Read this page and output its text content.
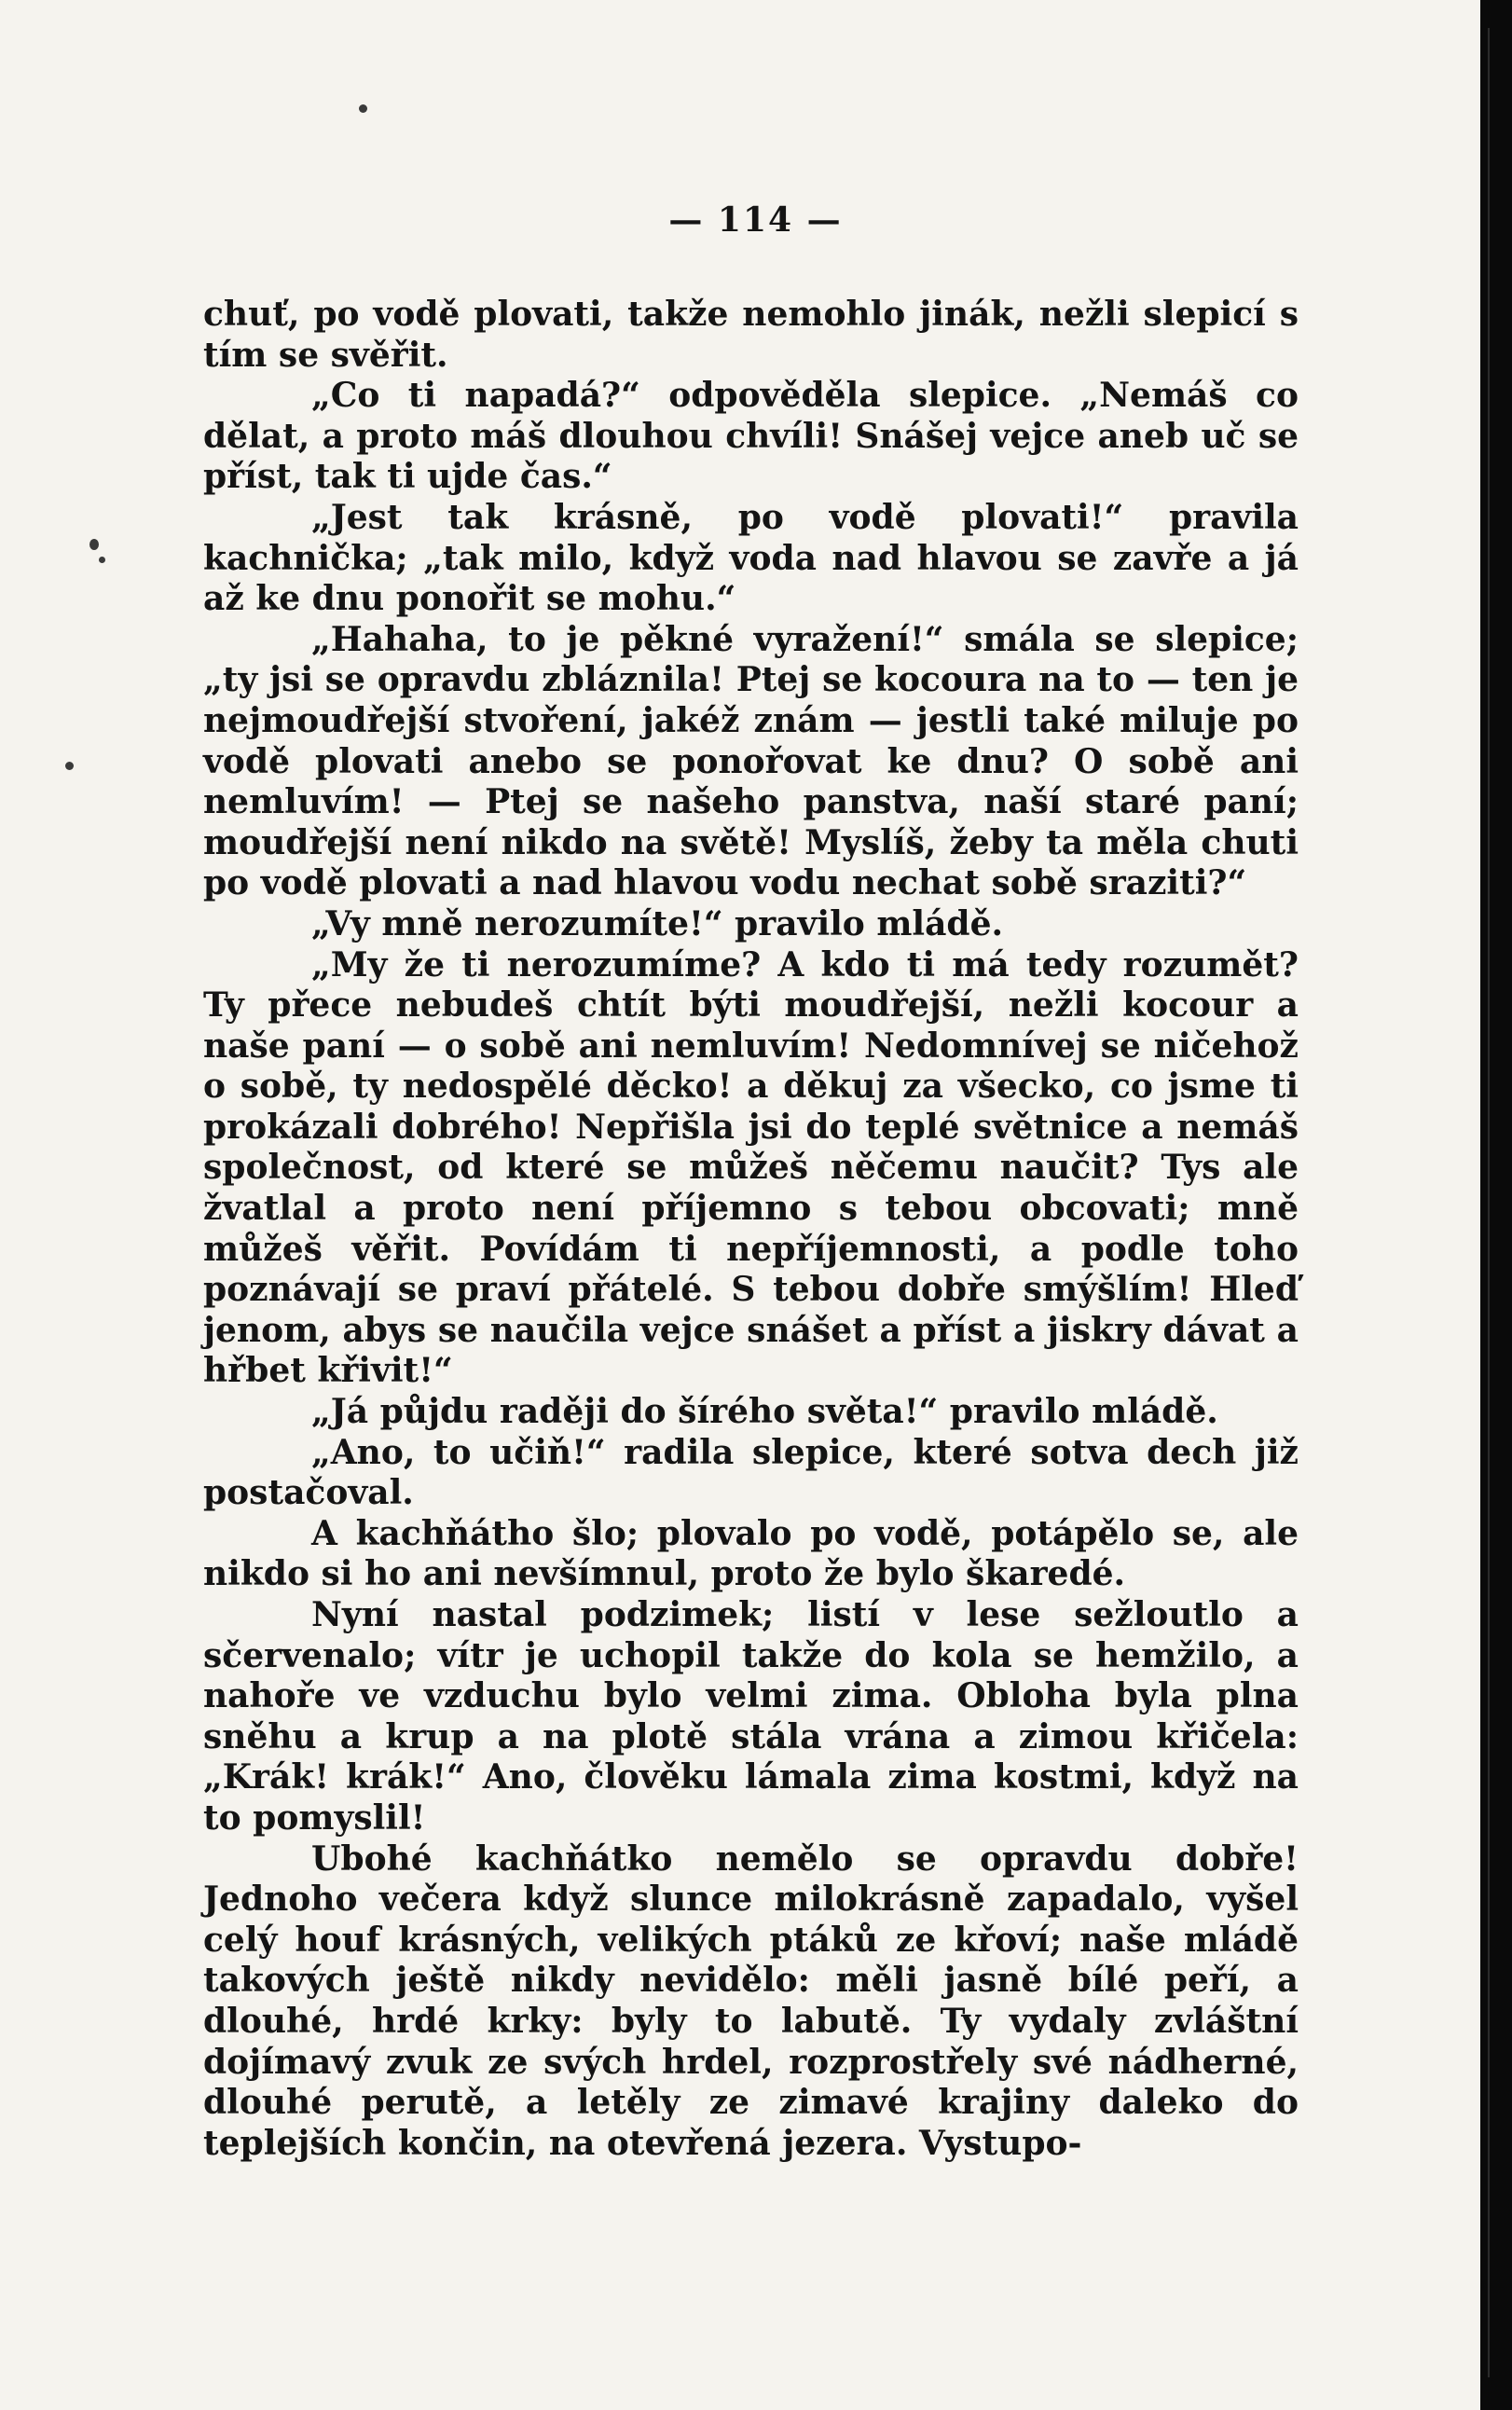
— 114 —

chuť, po vodě plovati, takže nemohlo jinák, nežli slepicí s tím se svěřit.

„Co ti napadá?“ odpověděla slepice. „Nemáš co dělat, a proto máš dlouhou chvíli! Snášej vejce aneb uč se příst, tak ti ujde čas.“

„Jest tak krásně, po vodě plovati!“ pravila kachnička; „tak milo, když voda nad hlavou se zavře a já až ke dnu ponořit se mohu.“

„Hahaha, to je pěkné vyražení!“ smála se slepice; „ty jsi se opravdu zbláznila! Ptej se kocoura na to — ten je nejmoudřejší stvoření, jakéž znám — jestli také miluje po vodě plovati anebo se ponořovat ke dnu? O sobě ani nemluvím! — Ptej se našeho panstva, naší staré paní; moudřejší není nikdo na světě! Myslíš, žeby ta měla chuti po vodě plovati a nad hlavou vodu nechat sobě sraziti?“

„Vy mně nerozumíte!“ pravilo mládě.

„My že ti nerozumíme? A kdo ti má tedy rozumět? Ty přece nebudeš chtít býti moudřejší, nežli kocour a naše paní — o sobě ani nemluvím! Nedomnívej se ničehož o sobě, ty nedospělé děcko! a děkuj za všecko, co jsme ti prokázali dobrého! Nepřišla jsi do teplé světnice a nemáš společnost, od které se můžeš něčemu naučit? Tys ale žvatlal a proto není příjemno s tebou obcovati; mně můžeš věřit. Povídám ti nepříjemnosti, a podle toho poznávají se praví přátelé. S tebou dobře smýšlím! Hleď jenom, abys se naučila vejce snášet a příst a jiskry dávat a hřbet křivit!“

„Já půjdu raději do šírého světa!“ pravilo mládě.

„Ano, to učiň!“ radila slepice, které sotva dech již postačoval.

A kachňátho šlo; plovalo po vodě, potápělo se, ale nikdo si ho ani nevšímnul, proto že bylo škaredé.

Nyní nastal podzimek; listí v lese sežloutlo a sčervenalo; vítr je uchopil takže do kola se hemžilo, a nahoře ve vzduchu bylo velmi zima. Obloha byla plna sněhu a krup a na plotě stála vrána a zimou křičela: „Krák! krák!“ Ano, člověku lámala zima kostmi, když na to pomyslil!

Ubohé kachňátko nemělo se opravdu dobře! Jednoho večera když slunce milokrásně zapadalo, vyšel celý houf krásných, velikých ptáků ze křoví; naše mládě takových ještě nikdy nevidělo: měli jasně bílé peří, a dlouhé, hrdé krky: byly to labutě. Ty vydaly zvláštní dojímavý zvuk ze svých hrdel, rozprostřely své nádherné, dlouhé perutě, a letěly ze zimavé krajiny daleko do teplejších končin, na otevřená jezera. Vystupo-
